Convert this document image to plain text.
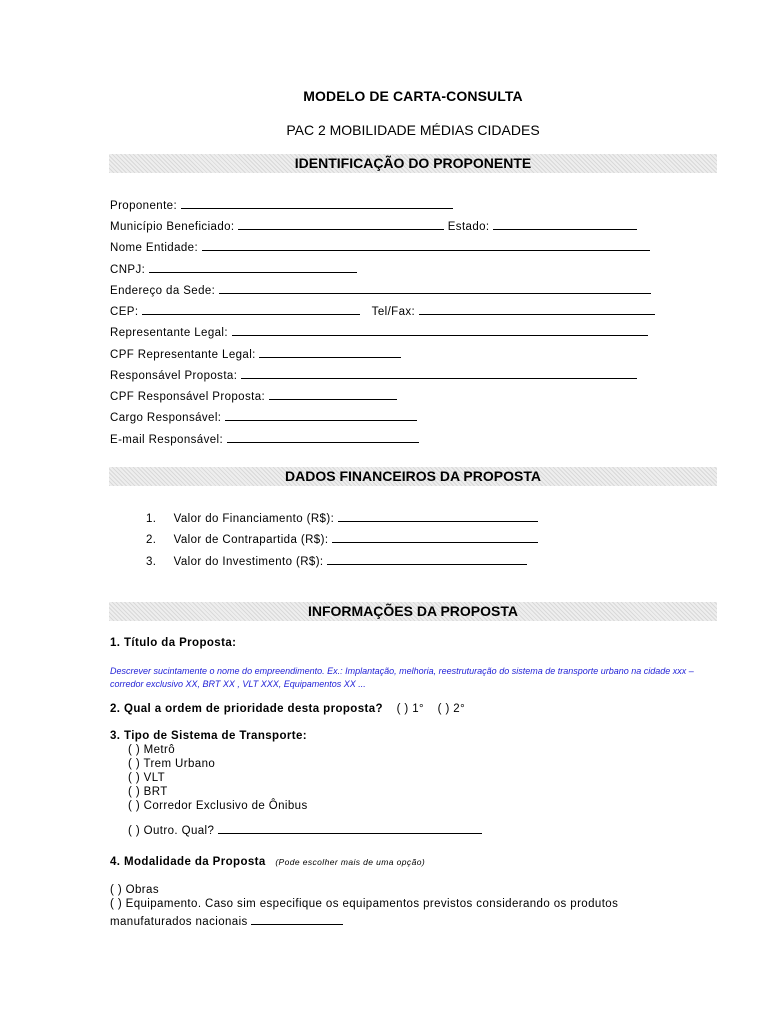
MODELO DE CARTA-CONSULTA
PAC 2 MOBILIDADE MÉDIAS CIDADES
IDENTIFICAÇÃO DO PROPONENTE
Proponente:
Município Beneficiado:	Estado:
Nome Entidade:
CNPJ:
Endereço da Sede:
CEP:	Tel/Fax:
Representante Legal:
CPF Representante Legal:
Responsável Proposta:
CPF Responsável Proposta:
Cargo Responsável:
E-mail Responsável:
DADOS FINANCEIROS DA PROPOSTA
1. Valor do Financiamento (R$):
2. Valor de Contrapartida (R$):
3. Valor do Investimento (R$):
INFORMAÇÕES DA PROPOSTA
1. Título da Proposta:
Descrever sucintamente o nome do empreendimento. Ex.: Implantação, melhoria, reestruturação do sistema de transporte urbano na cidade xxx – corredor exclusivo XX, BRT XX , VLT XXX, Equipamentos XX ...
2. Qual a ordem de prioridade desta proposta? ( ) 1° ( ) 2°
3. Tipo de Sistema de Transporte:
( ) Metrô
( ) Trem Urbano
( ) VLT
( ) BRT
( ) Corredor Exclusivo de Ônibus
( ) Outro. Qual?
4. Modalidade da Proposta (Pode escolher mais de uma opção)
( ) Obras
( ) Equipamento. Caso sim especifique os equipamentos previstos considerando os produtos
manufaturados nacionais
